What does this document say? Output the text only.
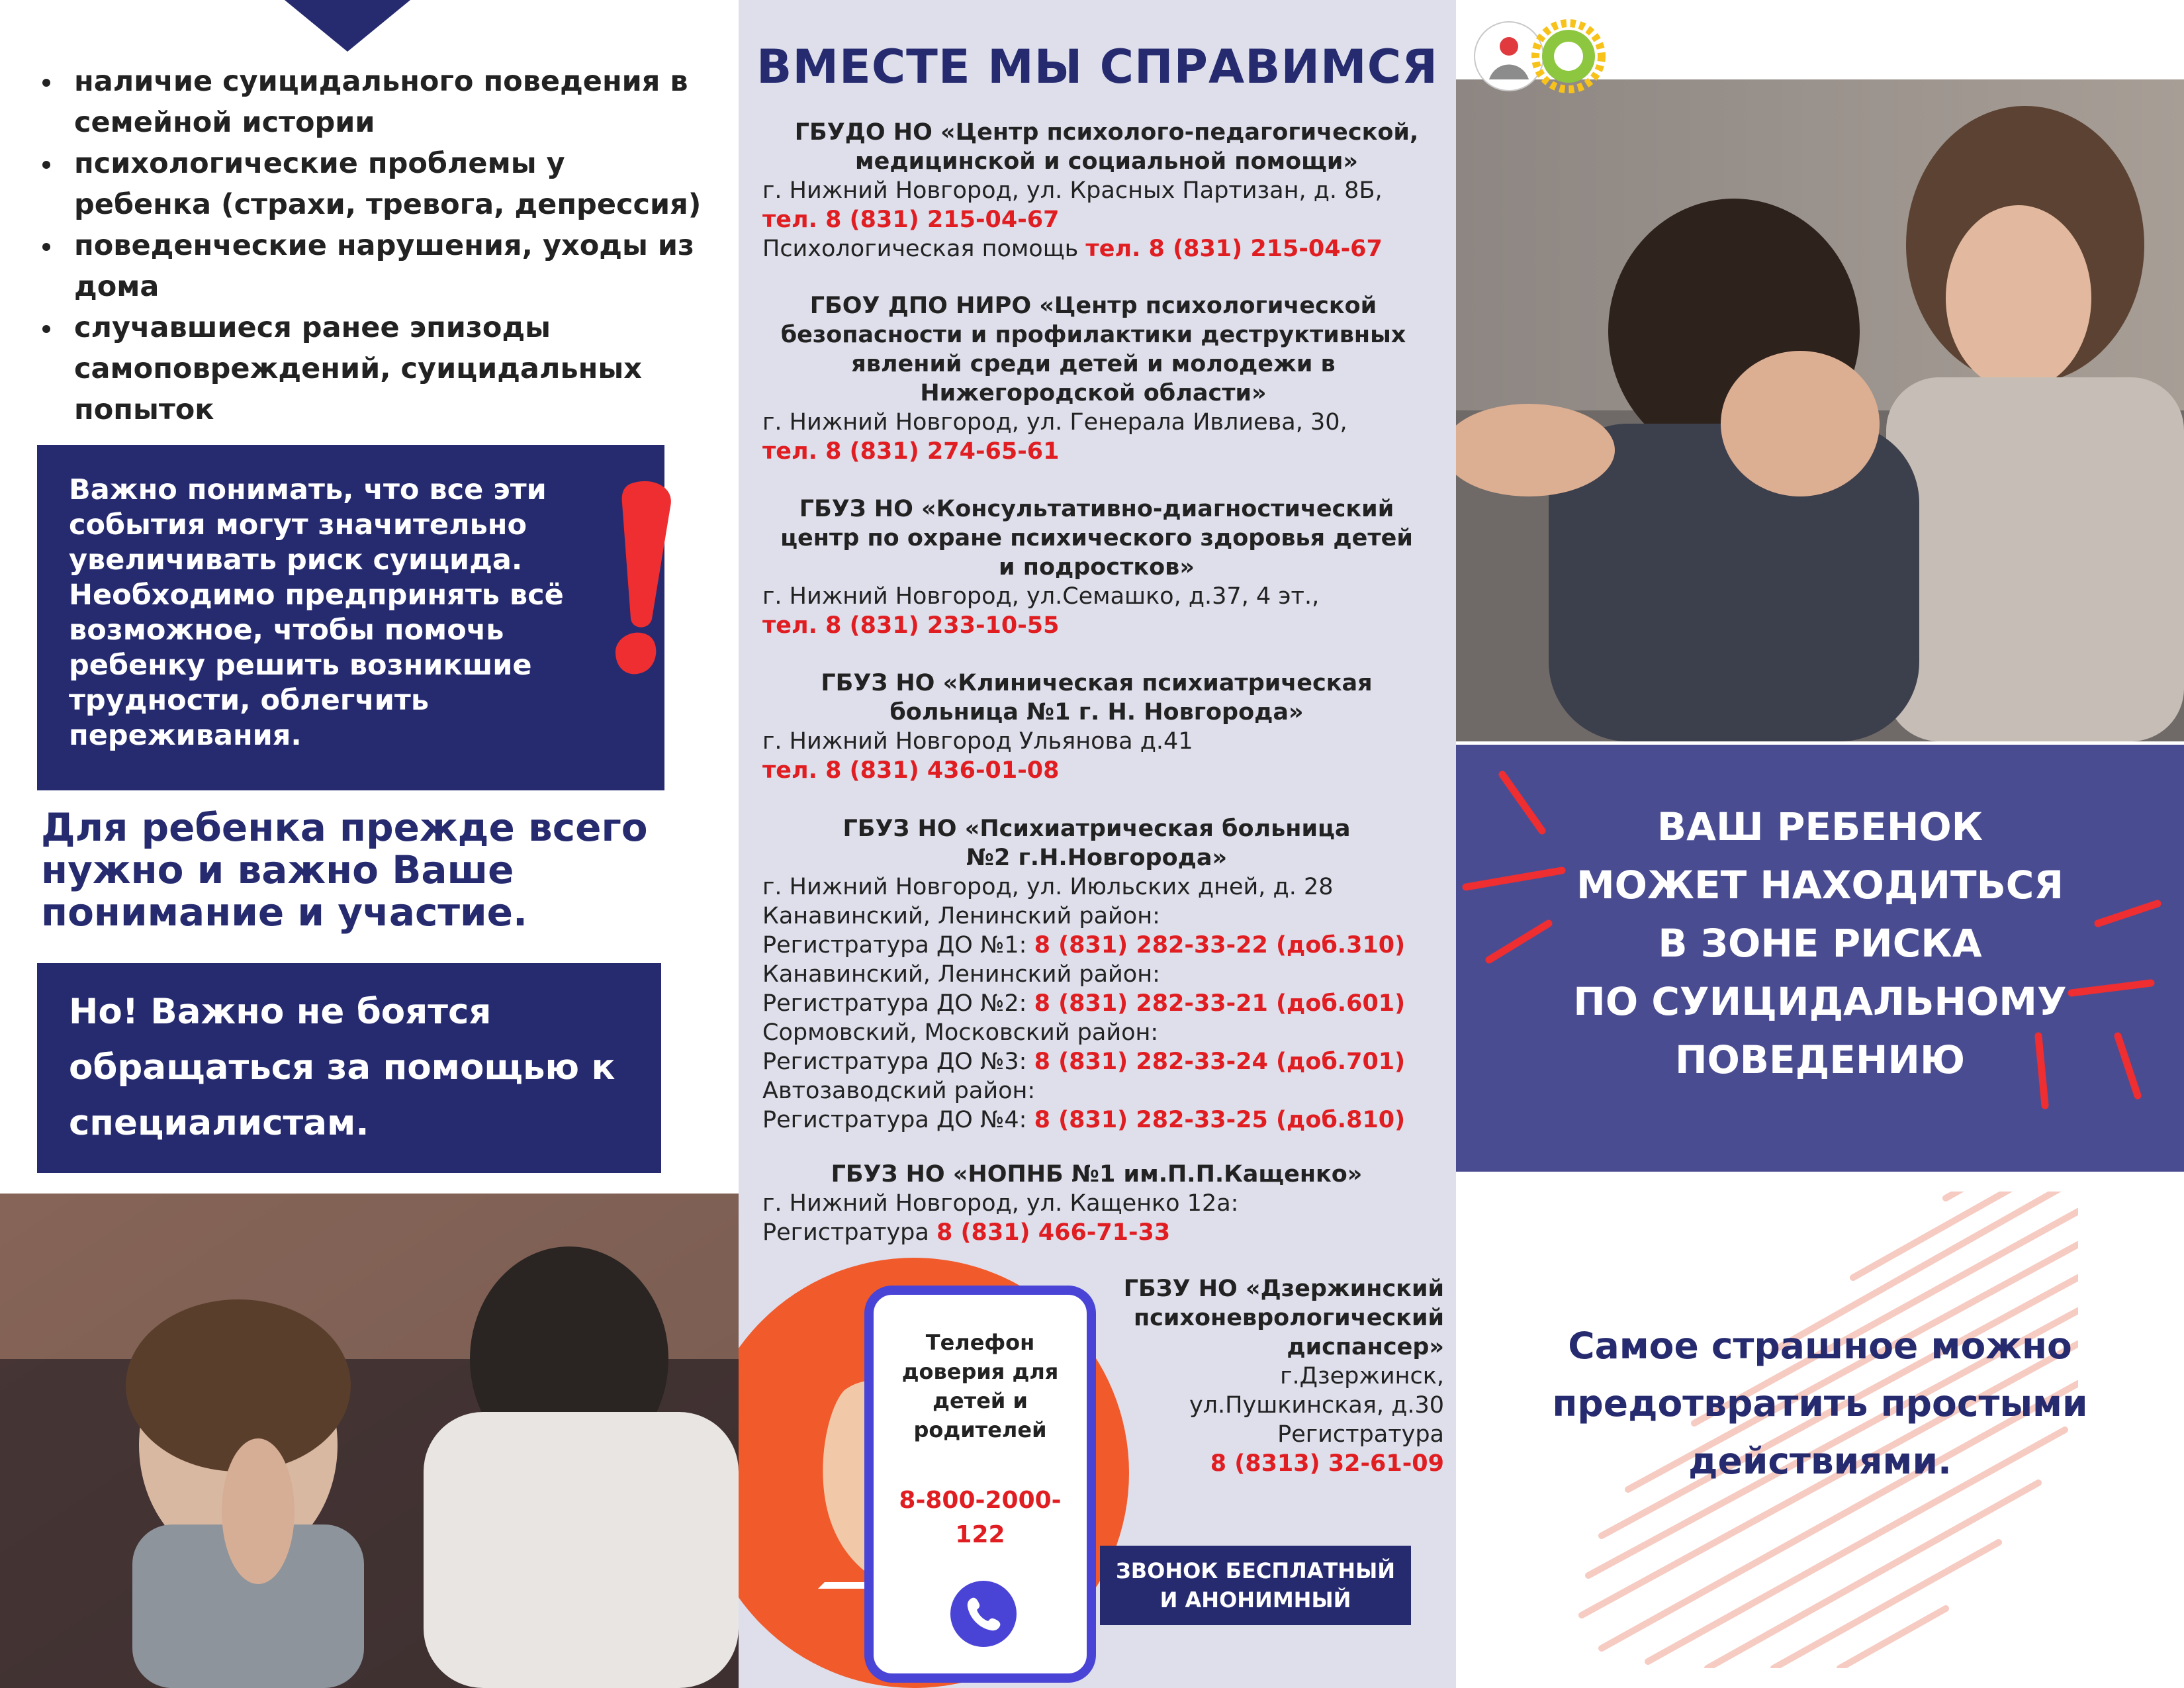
наличие суицидального поведения в семейной истории
психологические проблемы у ребенка (страхи, тревога, депрессия)
поведенческие нарушения, уходы из дома
случавшиеся ранее эпизоды самоповреждений, суицидальных попыток

Важно понимать, что все эти события могут значительно увеличивать риск суицида. Необходимо предпринять всё возможное, чтобы помочь ребенку решить возникшие трудности, облегчить переживания.

Для ребенка прежде всего нужно и важно Ваше понимание и участие.

Но! Важно не боятся обращаться за помощью к специалистам.

ВМЕСТЕ МЫ СПРАВИМСЯ
ГБУДО НО «Центр психолого-педагогической, медицинской и социальной помощи»
г. Нижний Новгород, ул. Красных Партизан, д. 8Б,
тел. 8 (831) 215-04-67
Психологическая помощь тел. 8 (831) 215-04-67
ГБОУ ДПО НИРО «Центр психологической безопасности и профилактики деструктивных явлений среди детей и молодежи в Нижегородской области»
г. Нижний Новгород, ул. Генерала Ивлиева, 30,
тел. 8 (831) 274-65-61
ГБУЗ НО «Консультативно-диагностический центр по охране психического здоровья детей и подростков»
г. Нижний Новгород, ул.Семашко, д.37, 4 эт.,
тел. 8 (831) 233-10-55
ГБУЗ НО «Клиническая психиатрическая больница №1 г. Н. Новгорода»
г. Нижний Новгород Ульянова д.41
тел. 8 (831) 436-01-08
ГБУЗ НО «Психиатрическая больница №2 г.Н.Новгорода»
г. Нижний Новгород, ул. Июльских дней, д. 28
Канавинский, Ленинский район:
Регистратура ДО №1: 8 (831) 282-33-22 (доб.310)
Канавинский, Ленинский район:
Регистратура ДО №2: 8 (831) 282-33-21 (доб.601)
Сормовский, Московский район:
Регистратура ДО №3: 8 (831) 282-33-24 (доб.701)
Автозаводский район:
Регистратура ДО №4: 8 (831) 282-33-25 (доб.810)
ГБУЗ НО «НОПНБ №1 им.П.П.Кащенко»
г. Нижний Новгород, ул. Кащенко 12а:
Регистратура 8 (831) 466-71-33
Телефон доверия для детей и родителей
8-800-2000-
122
ГБЗУ НО «Дзержинский
психоневрологический
диспансер»
г.Дзержинск,
ул.Пушкинская, д.30
Регистратура
8 (8313) 32-61-09
ЗВОНОК БЕСПЛАТНЫЙ
И АНОНИМНЫЙ
ВАШ РЕБЕНОК
МОЖЕТ НАХОДИТЬСЯ
В ЗОНЕ РИСКА
ПО СУИЦИДАЛЬНОМУ
ПОВЕДЕНИЮ
Самое страшное можно
предотвратить простыми
действиями.
